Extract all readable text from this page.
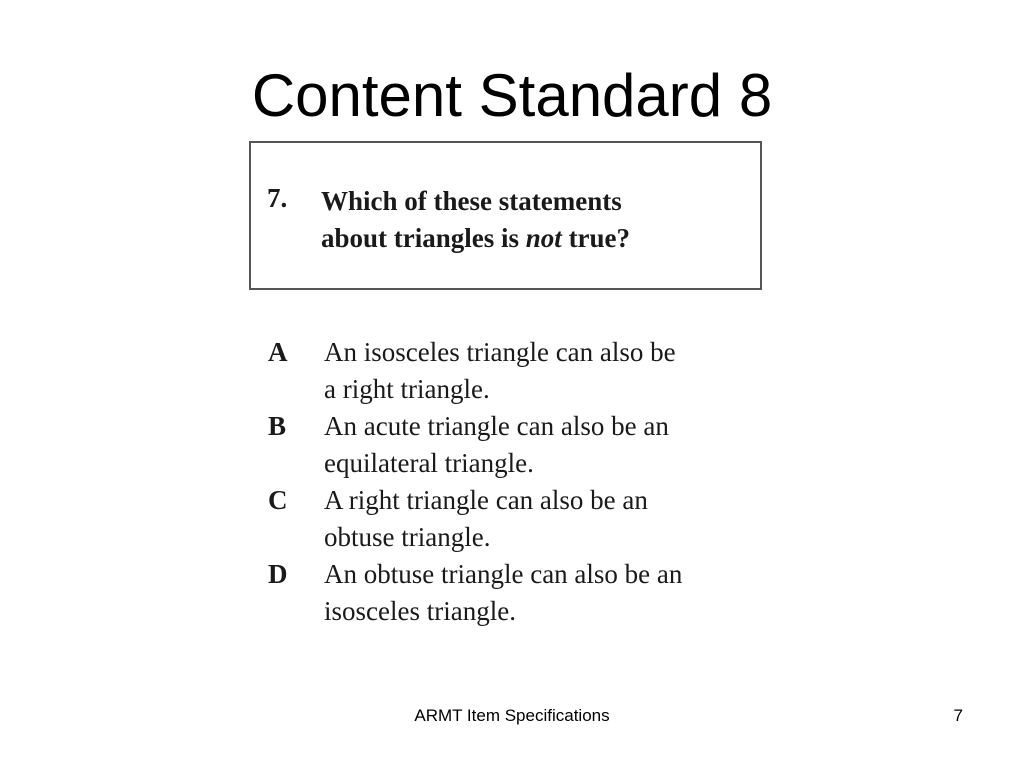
Content Standard 8
7. Which of these statements
about triangles is not true?
A An isosceles triangle can also be
a right triangle.
B An acute triangle can also be an
equilateral triangle.
C A right triangle can also be an
obtuse triangle.
D An obtuse triangle can also be an
isosceles triangle.
ARMT Item Specifications	7
